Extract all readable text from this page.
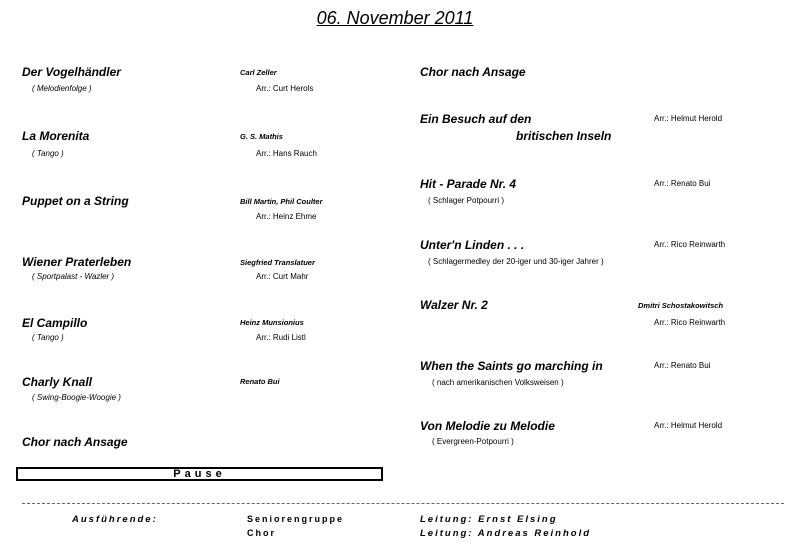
06. November 2011
Der Vogelhändler
( Melodienfolge )
Carl Zeller
Arr.: Curt Herols
La Morenita
( Tango )
G. S. Mathis
Arr.: Hans Rauch
Puppet on a String	Bill Martin, Phil Coulter
Arr.: Heinz Ehme
Wiener Praterleben
( Sportpalast - Wazler )
Siegfried Translatuer
Arr.: Curt Mahr
El Campillo
( Tango )
Heinz Munsionius
Arr.: Rudi Listl
Charly Knall
( Swing-Boogie-Woogie )
Renato Bui
Chor nach Ansage
Pause
Chor nach Ansage
Ein Besuch auf den
britischen Inseln
Arr.: Helmut Herold
Hit - Parade Nr. 4
( Schlager Potpourri )
Arr.: Renato Bui
Unter'n Linden . . .
( Schlagermedley der 20-iger und 30-iger Jahrer )
Arr.: Rico Reinwarth
Walzer Nr. 2	Dmitri Schostakowitsch
Arr.: Rico Reinwarth
When the Saints go marching in
( nach amerikanischen Volksweisen )
Arr.: Renato Bui
Von Melodie zu Melodie
( Evergreen-Potpourri )
Arr.: Helmut Herold
Ausführende:	Seniorengruppe
Chor
Leitung: Ernst Elsing
Leitung: Andreas Reinhold
